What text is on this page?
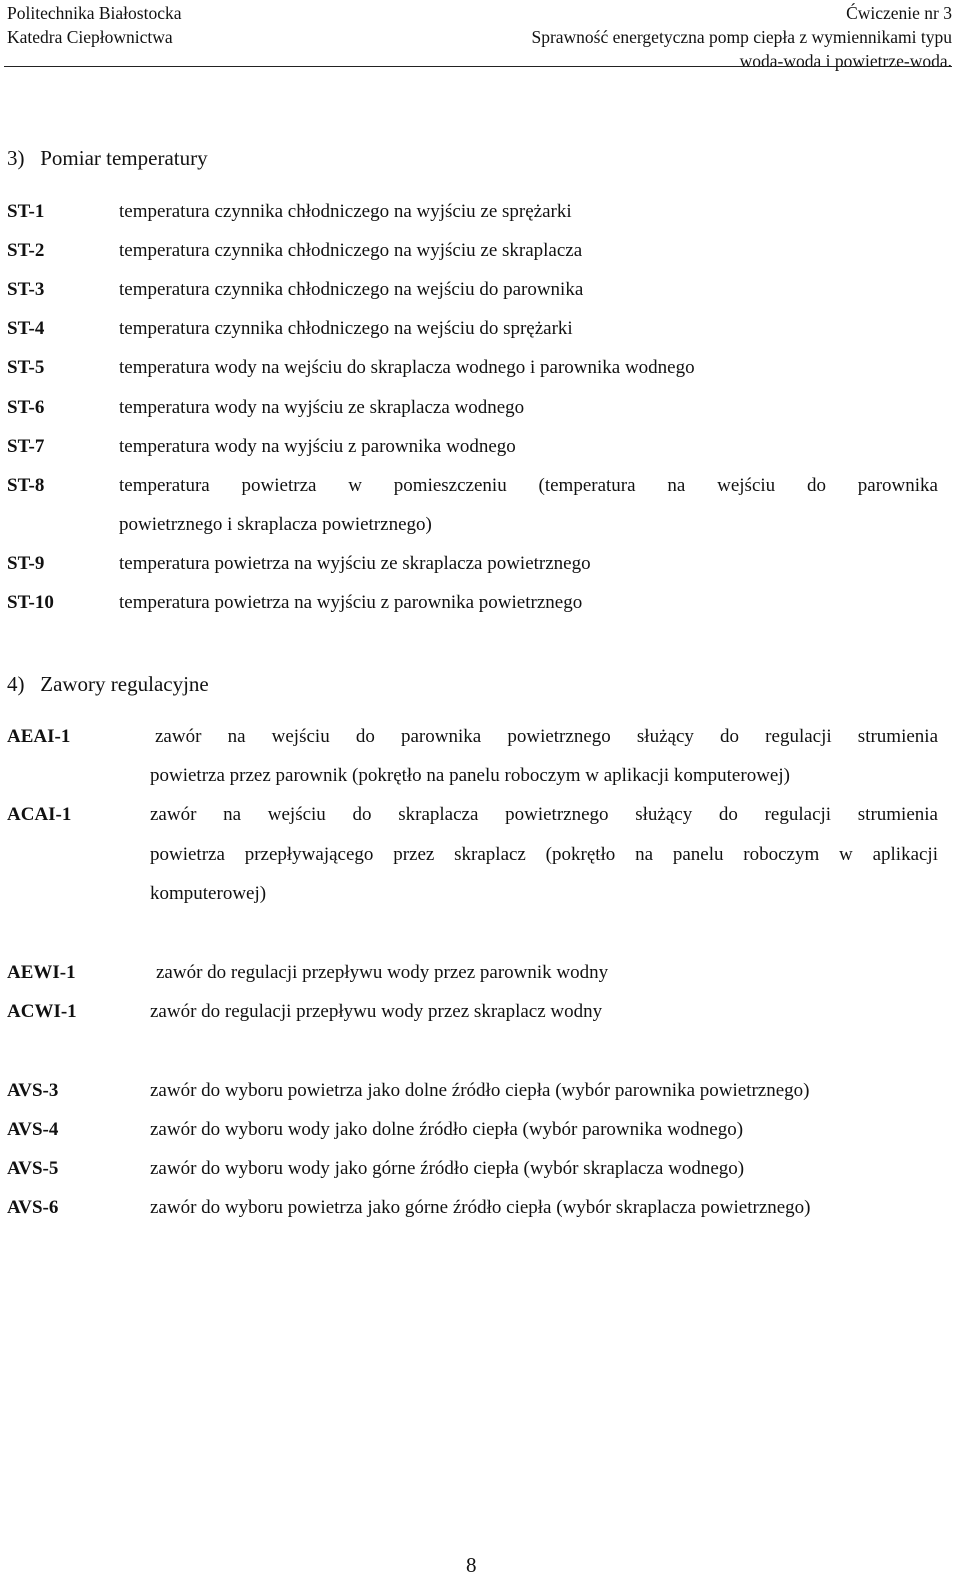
Politechnika Białostocka
Katedra Ciepłownictwa
Ćwiczenie nr 3
Sprawność energetyczna pomp ciepła z wymiennikami typu
woda-woda i powietrze-woda.
3)   Pomiar temperatury
ST-1	temperatura czynnika chłodniczego na wyjściu ze sprężarki
ST-2	temperatura czynnika chłodniczego na wyjściu ze skraplacza
ST-3	temperatura czynnika chłodniczego na wejściu do parownika
ST-4	temperatura czynnika chłodniczego na wejściu do sprężarki
ST-5	temperatura wody na wejściu do skraplacza wodnego i parownika wodnego
ST-6	temperatura wody na wyjściu ze skraplacza wodnego
ST-7	temperatura wody na wyjściu z parownika wodnego
ST-8	temperatura powietrza w pomieszczeniu (temperatura na wejściu do parownika
powietrznego i skraplacza powietrznego)
ST-9	temperatura powietrza na wyjściu ze skraplacza powietrznego
ST-10	temperatura powietrza na wyjściu z parownika powietrznego
4)   Zawory regulacyjne
AEAI-1	zawór na wejściu do parownika powietrznego służący do regulacji strumienia
powietrza przez parownik (pokrętło na panelu roboczym w aplikacji komputerowej)
ACAI-1	zawór na wejściu do skraplacza powietrznego służący do regulacji strumienia
powietrza przepływającego przez skraplacz (pokrętło na panelu roboczym w aplikacji
komputerowej)
AEWI-1	zawór do regulacji przepływu wody przez parownik wodny
ACWI-1	zawór do regulacji przepływu wody przez skraplacz wodny
AVS-3	zawór do wyboru powietrza jako dolne źródło ciepła (wybór parownika powietrznego)
AVS-4	zawór do wyboru wody jako dolne źródło ciepła (wybór parownika wodnego)
AVS-5	zawór do wyboru wody jako górne źródło ciepła (wybór skraplacza wodnego)
AVS-6	zawór do wyboru powietrza jako górne źródło ciepła (wybór skraplacza powietrznego)
8
